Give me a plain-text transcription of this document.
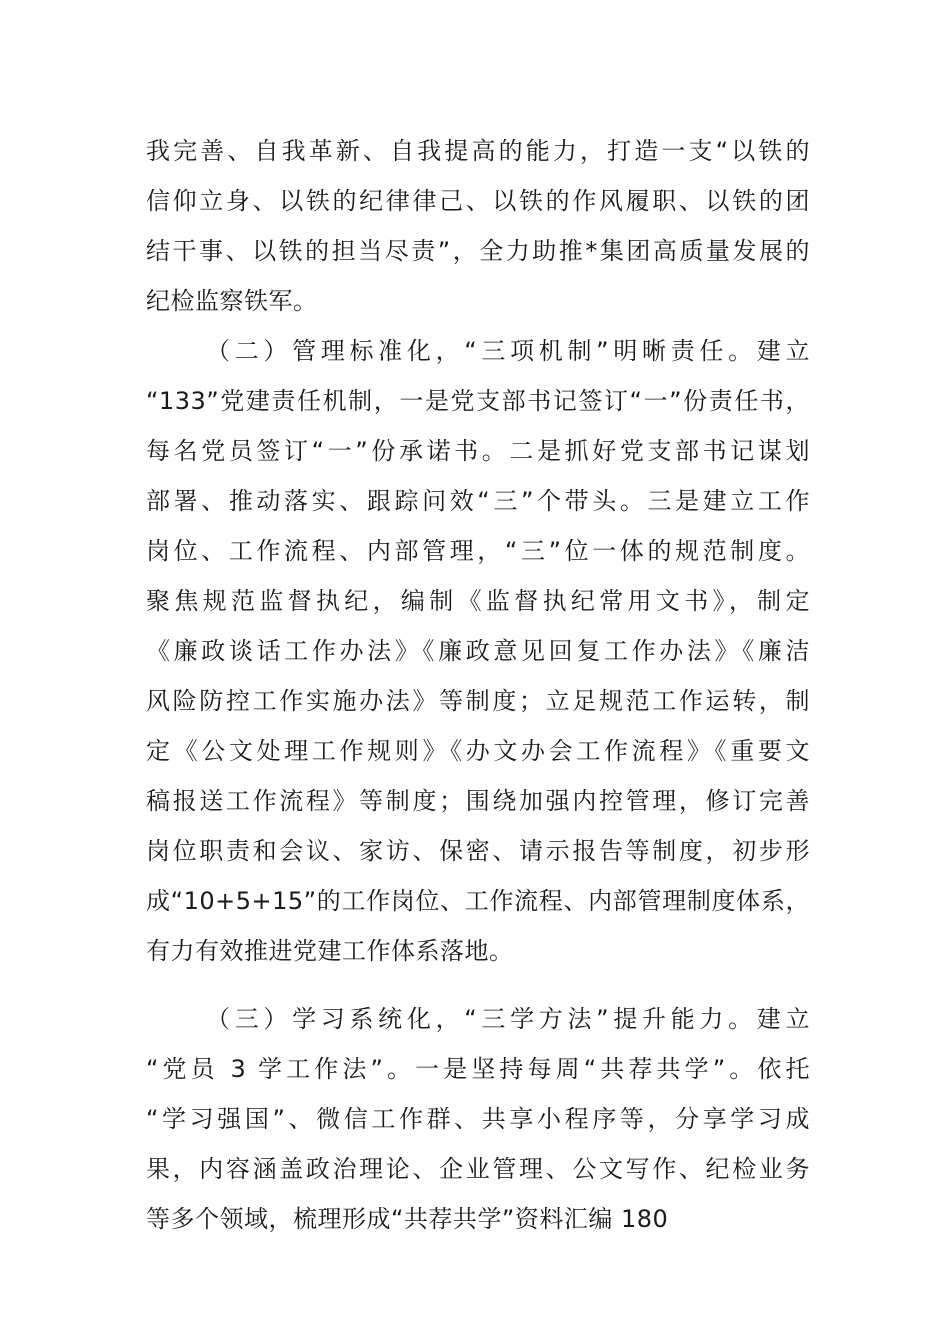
我完善、自我革新、自我提高的能力，打造一支“以铁的

信仰立身、以铁的纪律律己、以铁的作风履职、以铁的团

结干事、以铁的担当尽责”，全力助推*集团高质量发展的

纪检监察铁军。

（二）管理标准化，“三项机制”明晰责任。建立

“133”党建责任机制，一是党支部书记签订“一”份责任书，

每名党员签订“一”份承诺书。二是抓好党支部书记谋划

部署、推动落实、跟踪问效“三”个带头。三是建立工作

岗位、工作流程、内部管理，“三”位一体的规范制度。

聚焦规范监督执纪，编制《监督执纪常用文书》，制定

《廉政谈话工作办法》《廉政意见回复工作办法》《廉洁

风险防控工作实施办法》等制度；立足规范工作运转，制

定《公文处理工作规则》《办文办会工作流程》《重要文

稿报送工作流程》等制度；围绕加强内控管理，修订完善

岗位职责和会议、家访、保密、请示报告等制度，初步形

成“10+5+15”的工作岗位、工作流程、内部管理制度体系，

有力有效推进党建工作体系落地。

（三）学习系统化，“三学方法”提升能力。建立

“党员 3 学工作法”。一是坚持每周“共荐共学”。依托

“学习强国”、微信工作群、共享小程序等，分享学习成

果，内容涵盖政治理论、企业管理、公文写作、纪检业务

等多个领域，梳理形成“共荐共学”资料汇编 180
